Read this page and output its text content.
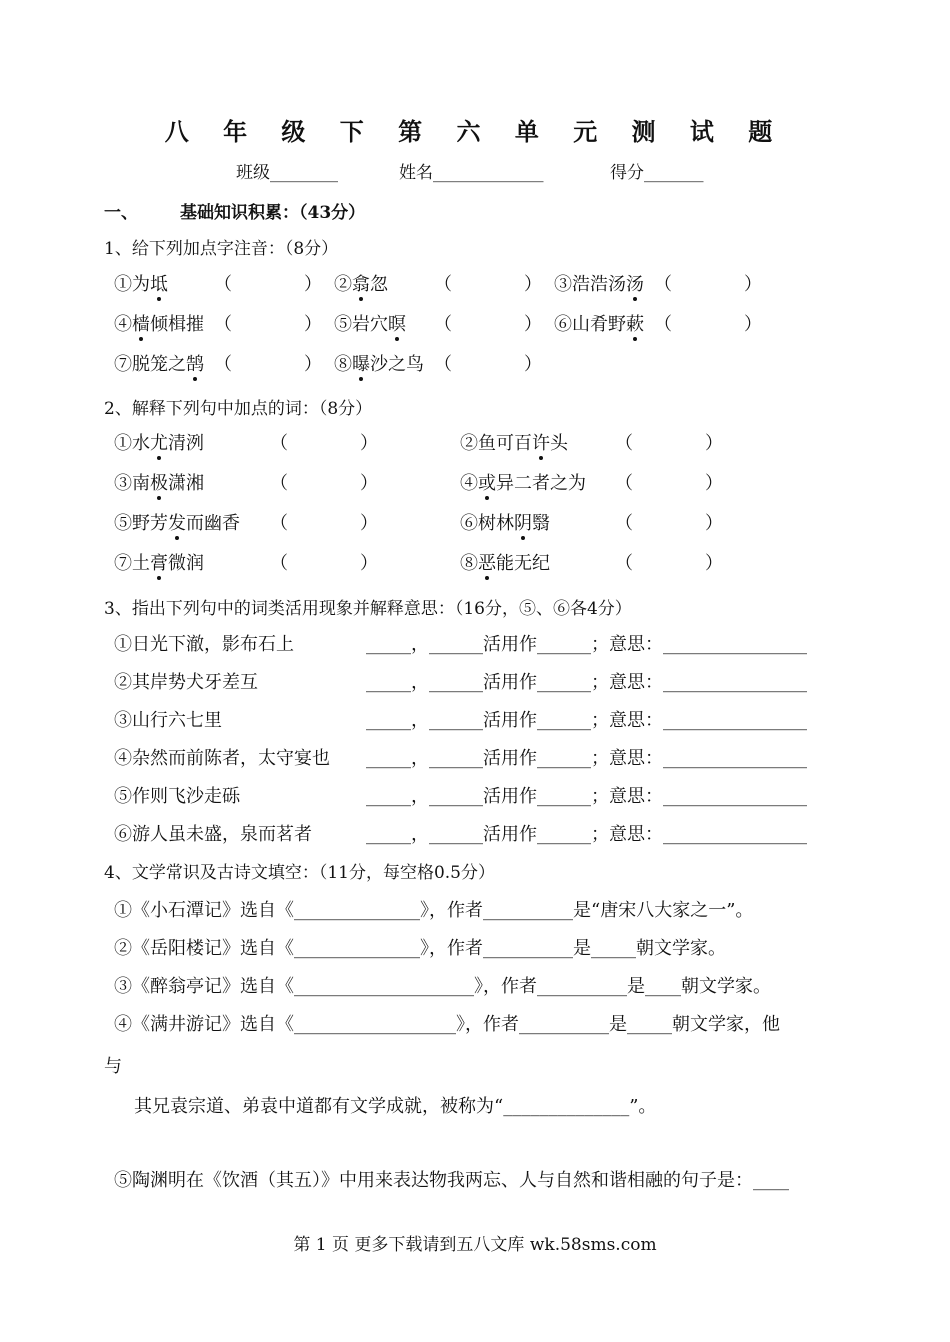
八 年 级 下 第 六 单 元 测 试 题
班级________	姓名_____________	得分_______
一、 基础知识积累：（43分）
1、给下列加点字注音：（8分）
①为坻	（　　　　） ②翕忽	（　　　　） ③浩浩汤汤 （　　　　）
④樯倾楫摧 （　　　　） ⑤岩穴暝 （　　　　） ⑥山肴野蔌 （　　　　）
⑦脱笼之鹄 （　　　　） ⑧曝沙之鸟 （　　　　）
2、解释下列句中加点的词：（8分）
①水尤清洌	（　　　　）	②鱼可百许头	（　　　　）
③南极潇湘	（　　　　）	④或异二者之为 （　　　　）
⑤野芳发而幽香 （　　　　）	⑥树林阴翳	（　　　　）
⑦土膏微润	（　　　　）	⑧恶能无纪	（　　　　）
3、指出下列句中的词类活用现象并解释意思：（16分，⑤、⑥各4分）
①日光下澈，影布石上	_____，______活用作______；意思：________________
②其岸势犬牙差互	_____，______活用作______；意思：________________
③山行六七里	_____，______活用作______；意思：________________
④杂然而前陈者，太守宴也 _____，______活用作______；意思：________________
⑤作则飞沙走砾	_____，______活用作______；意思：________________
⑥游人虽未盛，泉而茗者	_____，______活用作______；意思：________________
4、文学常识及古诗文填空：（11分，每空格0.5分）
①《小石潭记》选自《______________》，作者__________是“唐宋八大家之一”。
②《岳阳楼记》选自《______________》，作者__________是_____朝文学家。
③《醉翁亭记》选自《____________________》，作者__________是____朝文学家。
④《满井游记》选自《__________________》，作者__________是_____朝文学家，他
与
其兄袁宗道、弟袁中道都有文学成就，被称为“______________”。
⑤陶渊明在《饮酒（其五）》中用来表达物我两忘、人与自然和谐相融的句子是：____
第 1 页 更多下载请到五八文库 wk.58sms.com
